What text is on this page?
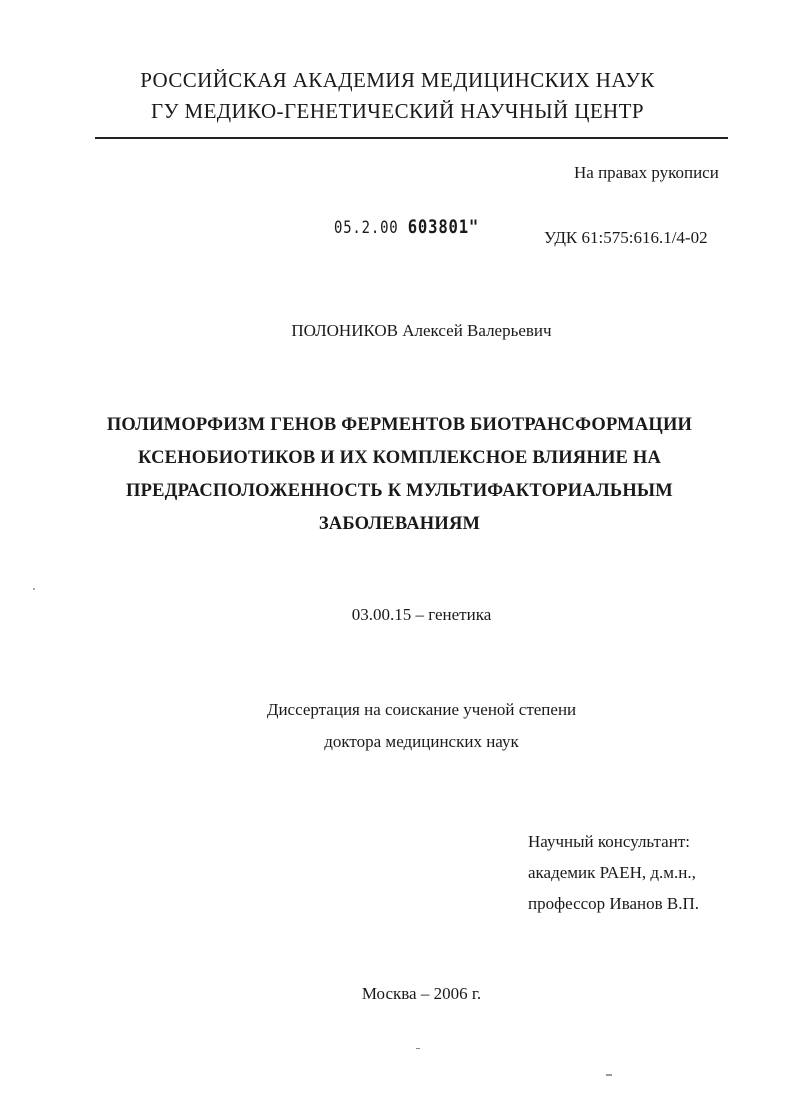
РОССИЙСКАЯ АКАДЕМИЯ МЕДИЦИНСКИХ НАУК
ГУ МЕДИКО-ГЕНЕТИЧЕСКИЙ НАУЧНЫЙ ЦЕНТР
На правах рукописи
05.2.00 603801"	УДК 61:575:616.1/4-02
ПОЛОНИКОВ Алексей Валерьевич
ПОЛИМОРФИЗМ ГЕНОВ ФЕРМЕНТОВ БИОТРАНСФОРМАЦИИ
КСЕНОБИОТИКОВ И ИХ КОМПЛЕКСНОЕ ВЛИЯНИЕ НА
ПРЕДРАСПОЛОЖЕННОСТЬ К МУЛЬТИФАКТОРИАЛЬНЫМ
ЗАБОЛЕВАНИЯМ
03.00.15 – генетика
Диссертация на соискание ученой степени
доктора медицинских наук
Научный консультант:
академик РАЕН, д.м.н.,
профессор Иванов В.П.
Москва – 2006 г.
